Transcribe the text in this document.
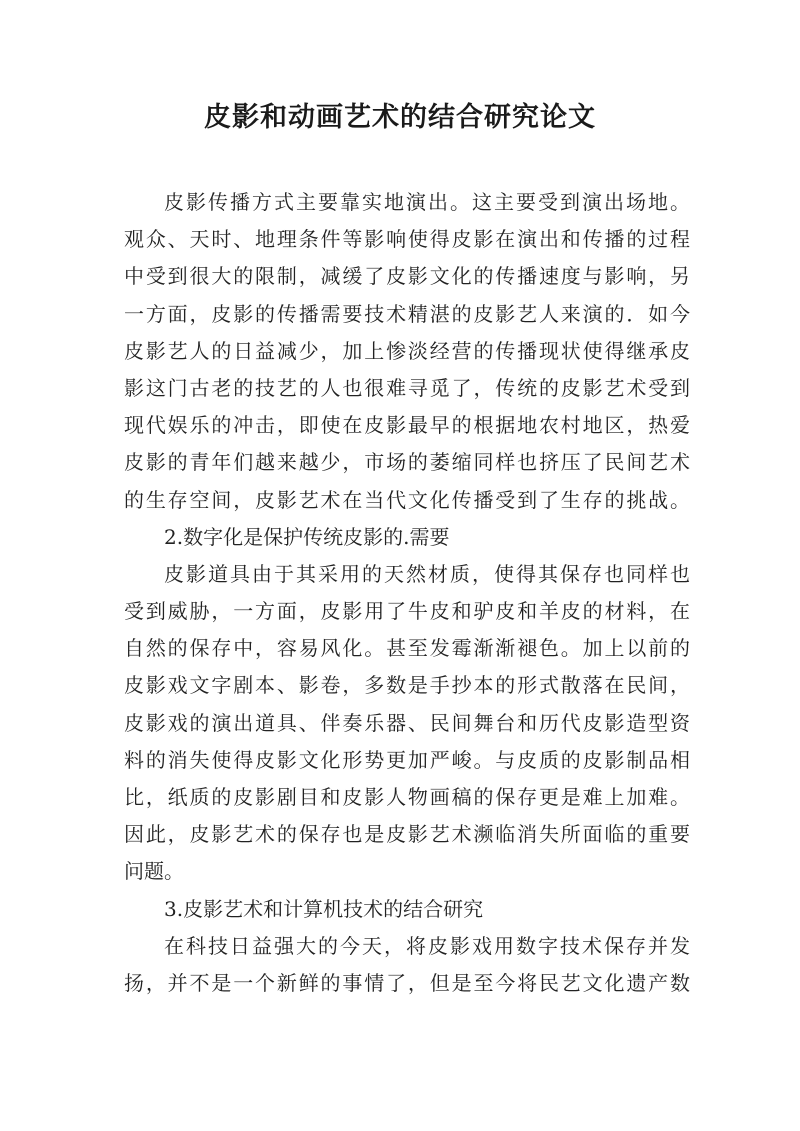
皮影和动画艺术的结合研究论文
皮影传播方式主要靠实地演出。这主要受到演出场地。
观众、天时、地理条件等影响使得皮影在演出和传播的过程
中受到很大的限制，减缓了皮影文化的传播速度与影响，另
一方面，皮影的传播需要技术精湛的皮影艺人来演的．如今
皮影艺人的日益减少，加上惨淡经营的传播现状使得继承皮
影这门古老的技艺的人也很难寻觅了，传统的皮影艺术受到
现代娱乐的冲击，即使在皮影最早的根据地农村地区，热爱
皮影的青年们越来越少，市场的萎缩同样也挤压了民间艺术
的生存空间，皮影艺术在当代文化传播受到了生存的挑战。
2.数字化是保护传统皮影的.需要
皮影道具由于其采用的天然材质，使得其保存也同样也
受到威胁，一方面，皮影用了牛皮和驴皮和羊皮的材料，在
自然的保存中，容易风化。甚至发霉渐渐褪色。加上以前的
皮影戏文字剧本、影卷，多数是手抄本的形式散落在民间，
皮影戏的演出道具、伴奏乐器、民间舞台和历代皮影造型资
料的消失使得皮影文化形势更加严峻。与皮质的皮影制品相
比，纸质的皮影剧目和皮影人物画稿的保存更是难上加难。
因此，皮影艺术的保存也是皮影艺术濒临消失所面临的重要
问题。
3.皮影艺术和计算机技术的结合研究
在科技日益强大的今天，将皮影戏用数字技术保存并发
扬，并不是一个新鲜的事情了，但是至今将民艺文化遗产数
